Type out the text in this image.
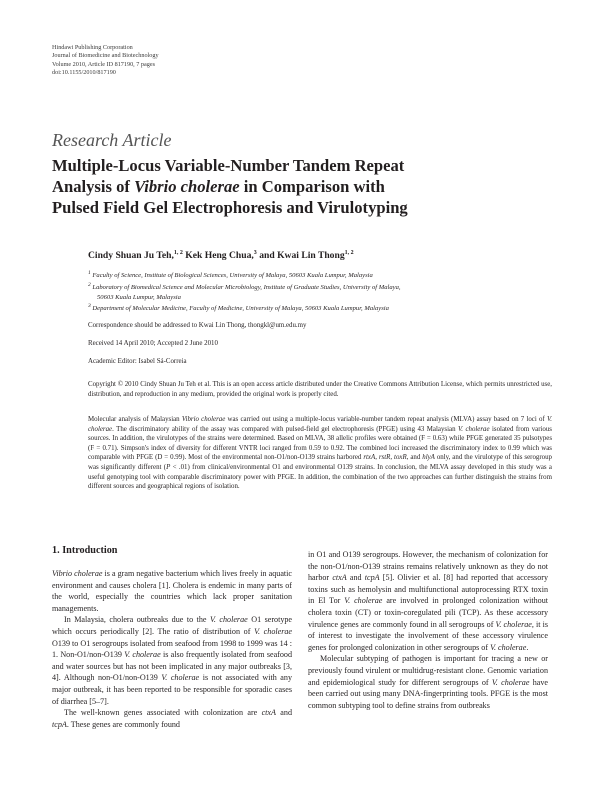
Hindawi Publishing Corporation
Journal of Biomedicine and Biotechnology
Volume 2010, Article ID 817190, 7 pages
doi:10.1155/2010/817190
Research Article
Multiple-Locus Variable-Number Tandem Repeat
Analysis of Vibrio cholerae in Comparison with
Pulsed Field Gel Electrophoresis and Virulotyping
Cindy Shuan Ju Teh,$^{1, 2}$ Kek Heng Chua,$^3$ and Kwai Lin Thong$^{1, 2}$
$^1$ Faculty of Science, Institute of Biological Sciences, University of Malaya, 50603 Kuala Lumpur, Malaysia
$^2$ Laboratory of Biomedical Science and Molecular Microbiology, Institute of Graduate Studies, University of Malaya,
50603 Kuala Lumpur, Malaysia
$^3$ Department of Molecular Medicine, Faculty of Medicine, University of Malaya, 50603 Kuala Lumpur, Malaysia
Correspondence should be addressed to Kwai Lin Thong, thongkl@um.edu.my
Received 14 April 2010; Accepted 2 June 2010
Academic Editor: Isabel Sá-Correia
Copyright © 2010 Cindy Shuan Ju Teh et al. This is an open access article distributed under the Creative Commons Attribution License, which permits unrestricted use, distribution, and reproduction in any medium, provided the original work is properly cited.
Molecular analysis of Malaysian Vibrio cholerae was carried out using a multiple-locus variable-number tandem repeat analysis (MLVA) assay based on 7 loci of V. cholerae. The discriminatory ability of the assay was compared with pulsed-field gel electrophoresis (PFGE) using 43 Malaysian V. cholerae isolated from various sources. In addition, the virulotypes of the strains were determined. Based on MLVA, 38 allelic profiles were obtained (F = 0.63) while PFGE generated 35 pulsotypes (F = 0.71). Simpson's index of diversity for different VNTR loci ranged from 0.59 to 0.92. The combined loci increased the discriminatory index to 0.99 which was comparable with PFGE (D = 0.99). Most of the environmental non-O1/non-O139 strains harbored rtxA, rstR, toxR, and hlyA only, and the virulotype of this serogroup was significantly different (P < .01) from clinical/environmental O1 and environmental O139 strains. In conclusion, the MLVA assay developed in this study was a useful genotyping tool with comparable discriminatory power with PFGE. In addition, the combination of the two approaches can further distinguish the strains from different sources and geographical regions of isolation.
1. Introduction

Vibrio cholerae is a gram negative bacterium which lives freely in aquatic environment and causes cholera [1]. Cholera is endemic in many parts of the world, especially the countries which lack proper sanitation managements.

In Malaysia, cholera outbreaks due to the V. cholerae O1 serotype which occurs periodically [2]. The ratio of distribution of V. cholerae O139 to O1 serogroups isolated from seafood from 1998 to 1999 was 14 : 1. Non-O1/non-O139 V. cholerae is also frequently isolated from seafood and water sources but has not been implicated in any major outbreaks [3, 4]. Although non-O1/non-O139 V. cholerae is not associated with any major outbreak, it has been reported to be responsible for sporadic cases of diarrhea [5–7].

The well-known genes associated with colonization are ctxA and tcpA. These genes are commonly found

in O1 and O139 serogroups. However, the mechanism of colonization for the non-O1/non-O139 strains remains relatively unknown as they do not harbor ctxA and tcpA [5]. Olivier et al. [8] had reported that accessory toxins such as hemolysin and multifunctional autoprocessing RTX toxin in El Tor V. cholerae are involved in prolonged colonization without cholera toxin (CT) or toxin-coregulated pili (TCP). As these accessory virulence genes are commonly found in all serogroups of V. cholerae, it is of interest to investigate the involvement of these accessory virulence genes for prolonged colonization in other serogroups of V. cholerae.

Molecular subtyping of pathogen is important for tracing a new or previously found virulent or multidrug-resistant clone. Genomic variation and epidemiological study for different serogroups of V. cholerae have been carried out using many DNA-fingerprinting tools. PFGE is the most common subtyping tool to define strains from outbreaks
